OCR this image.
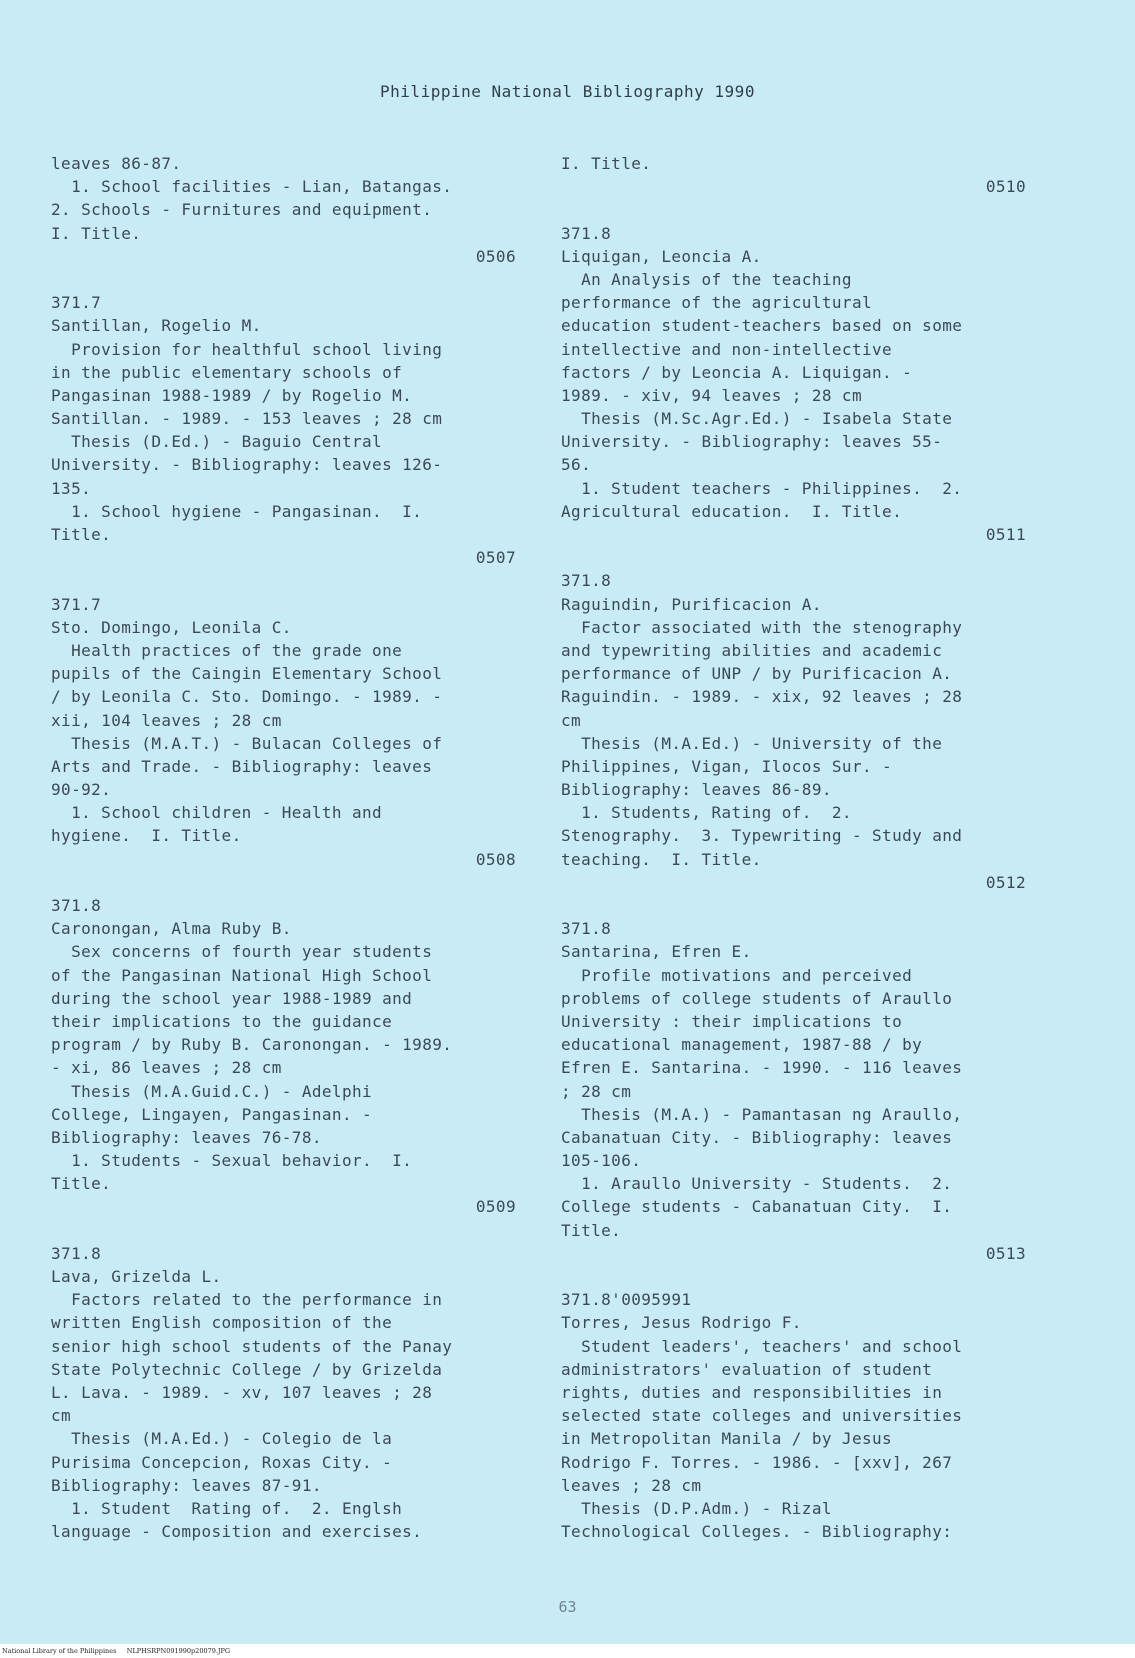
Philippine National Bibliography 1990
leaves 86-87.
1. School facilities - Lian, Batangas.
2. Schools - Furnitures and equipment.
I. Title.
0506
371.7
Santillan, Rogelio M.
Provision for healthful school living
in the public elementary schools of
Pangasinan 1988-1989 / by Rogelio M.
Santillan. - 1989. - 153 leaves ; 28 cm
Thesis (D.Ed.) - Baguio Central
University. - Bibliography: leaves 126-
135.
1. School hygiene - Pangasinan.  I.
Title.
0507
371.7
Sto. Domingo, Leonila C.
Health practices of the grade one
pupils of the Caingin Elementary School
/ by Leonila C. Sto. Domingo. - 1989. -
xii, 104 leaves ; 28 cm
Thesis (M.A.T.) - Bulacan Colleges of
Arts and Trade. - Bibliography: leaves
90-92.
1. School children - Health and
hygiene.  I. Title.
0508
371.8
Caronongan, Alma Ruby B.
Sex concerns of fourth year students
of the Pangasinan National High School
during the school year 1988-1989 and
their implications to the guidance
program / by Ruby B. Caronongan. - 1989.
- xi, 86 leaves ; 28 cm
Thesis (M.A.Guid.C.) - Adelphi
College, Lingayen, Pangasinan. -
Bibliography: leaves 76-78.
1. Students - Sexual behavior.  I.
Title.
0509
371.8
Lava, Grizelda L.
Factors related to the performance in
written English composition of the
senior high school students of the Panay
State Polytechnic College / by Grizelda
L. Lava. - 1989. - xv, 107 leaves ; 28
cm
Thesis (M.A.Ed.) - Colegio de la
Purisima Concepcion, Roxas City. -
Bibliography: leaves 87-91.
1. Student  Rating of.  2. Englsh
language - Composition and exercises.
I. Title.
0510
371.8
Liquigan, Leoncia A.
An Analysis of the teaching
performance of the agricultural
education student-teachers based on some
intellective and non-intellective
factors / by Leoncia A. Liquigan. -
1989. - xiv, 94 leaves ; 28 cm
Thesis (M.Sc.Agr.Ed.) - Isabela State
University. - Bibliography: leaves 55-
56.
1. Student teachers - Philippines.  2.
Agricultural education.  I. Title.
0511
371.8
Raguindin, Purificacion A.
Factor associated with the stenography
and typewriting abilities and academic
performance of UNP / by Purificacion A.
Raguindin. - 1989. - xix, 92 leaves ; 28
cm
Thesis (M.A.Ed.) - University of the
Philippines, Vigan, Ilocos Sur. -
Bibliography: leaves 86-89.
1. Students, Rating of.  2.
Stenography.  3. Typewriting - Study and
teaching.  I. Title.
0512
371.8
Santarina, Efren E.
Profile motivations and perceived
problems of college students of Araullo
University : their implications to
educational management, 1987-88 / by
Efren E. Santarina. - 1990. - 116 leaves
; 28 cm
Thesis (M.A.) - Pamantasan ng Araullo,
Cabanatuan City. - Bibliography: leaves
105-106.
1. Araullo University - Students.  2.
College students - Cabanatuan City.  I.
Title.
0513
371.8'0095991
Torres, Jesus Rodrigo F.
Student leaders', teachers' and school
administrators' evaluation of student
rights, duties and responsibilities in
selected state colleges and universities
in Metropolitan Manila / by Jesus
Rodrigo F. Torres. - 1986. - [xxv], 267
leaves ; 28 cm
Thesis (D.P.Adm.) - Rizal
Technological Colleges. - Bibliography:
63
National Library of the Philippines     NLPHSRPN091990p20079.JPG
